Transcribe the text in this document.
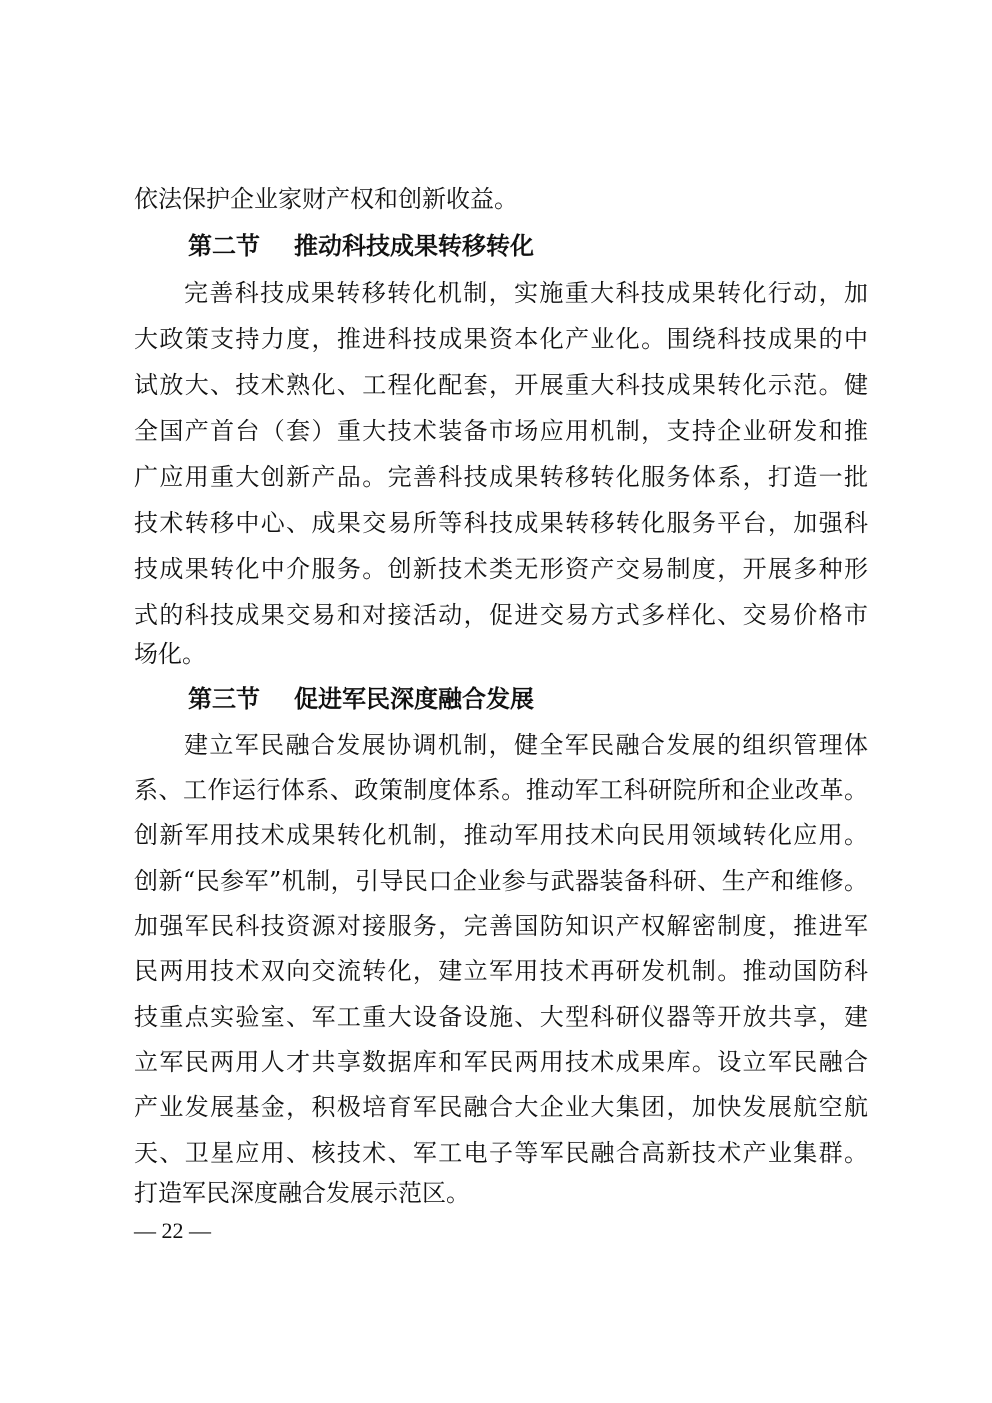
依法保护企业家财产权和创新收益。
第二节 推动科技成果转移转化
完善科技成果转移转化机制，实施重大科技成果转化行动，加
大政策支持力度，推进科技成果资本化产业化。围绕科技成果的中
试放大、技术熟化、工程化配套，开展重大科技成果转化示范。健
全国产首台（套）重大技术装备市场应用机制，支持企业研发和推
广应用重大创新产品。完善科技成果转移转化服务体系，打造一批
技术转移中心、成果交易所等科技成果转移转化服务平台，加强科
技成果转化中介服务。创新技术类无形资产交易制度，开展多种形
式的科技成果交易和对接活动，促进交易方式多样化、交易价格市
场化。
第三节 促进军民深度融合发展
建立军民融合发展协调机制，健全军民融合发展的组织管理体
系、工作运行体系、政策制度体系。推动军工科研院所和企业改革。
创新军用技术成果转化机制，推动军用技术向民用领域转化应用。
创新“民参军”机制，引导民口企业参与武器装备科研、生产和维修。
加强军民科技资源对接服务，完善国防知识产权解密制度，推进军
民两用技术双向交流转化，建立军用技术再研发机制。推动国防科
技重点实验室、军工重大设备设施、大型科研仪器等开放共享，建
立军民两用人才共享数据库和军民两用技术成果库。设立军民融合
产业发展基金，积极培育军民融合大企业大集团，加快发展航空航
天、卫星应用、核技术、军工电子等军民融合高新技术产业集群。
打造军民深度融合发展示范区。
— 22 —
